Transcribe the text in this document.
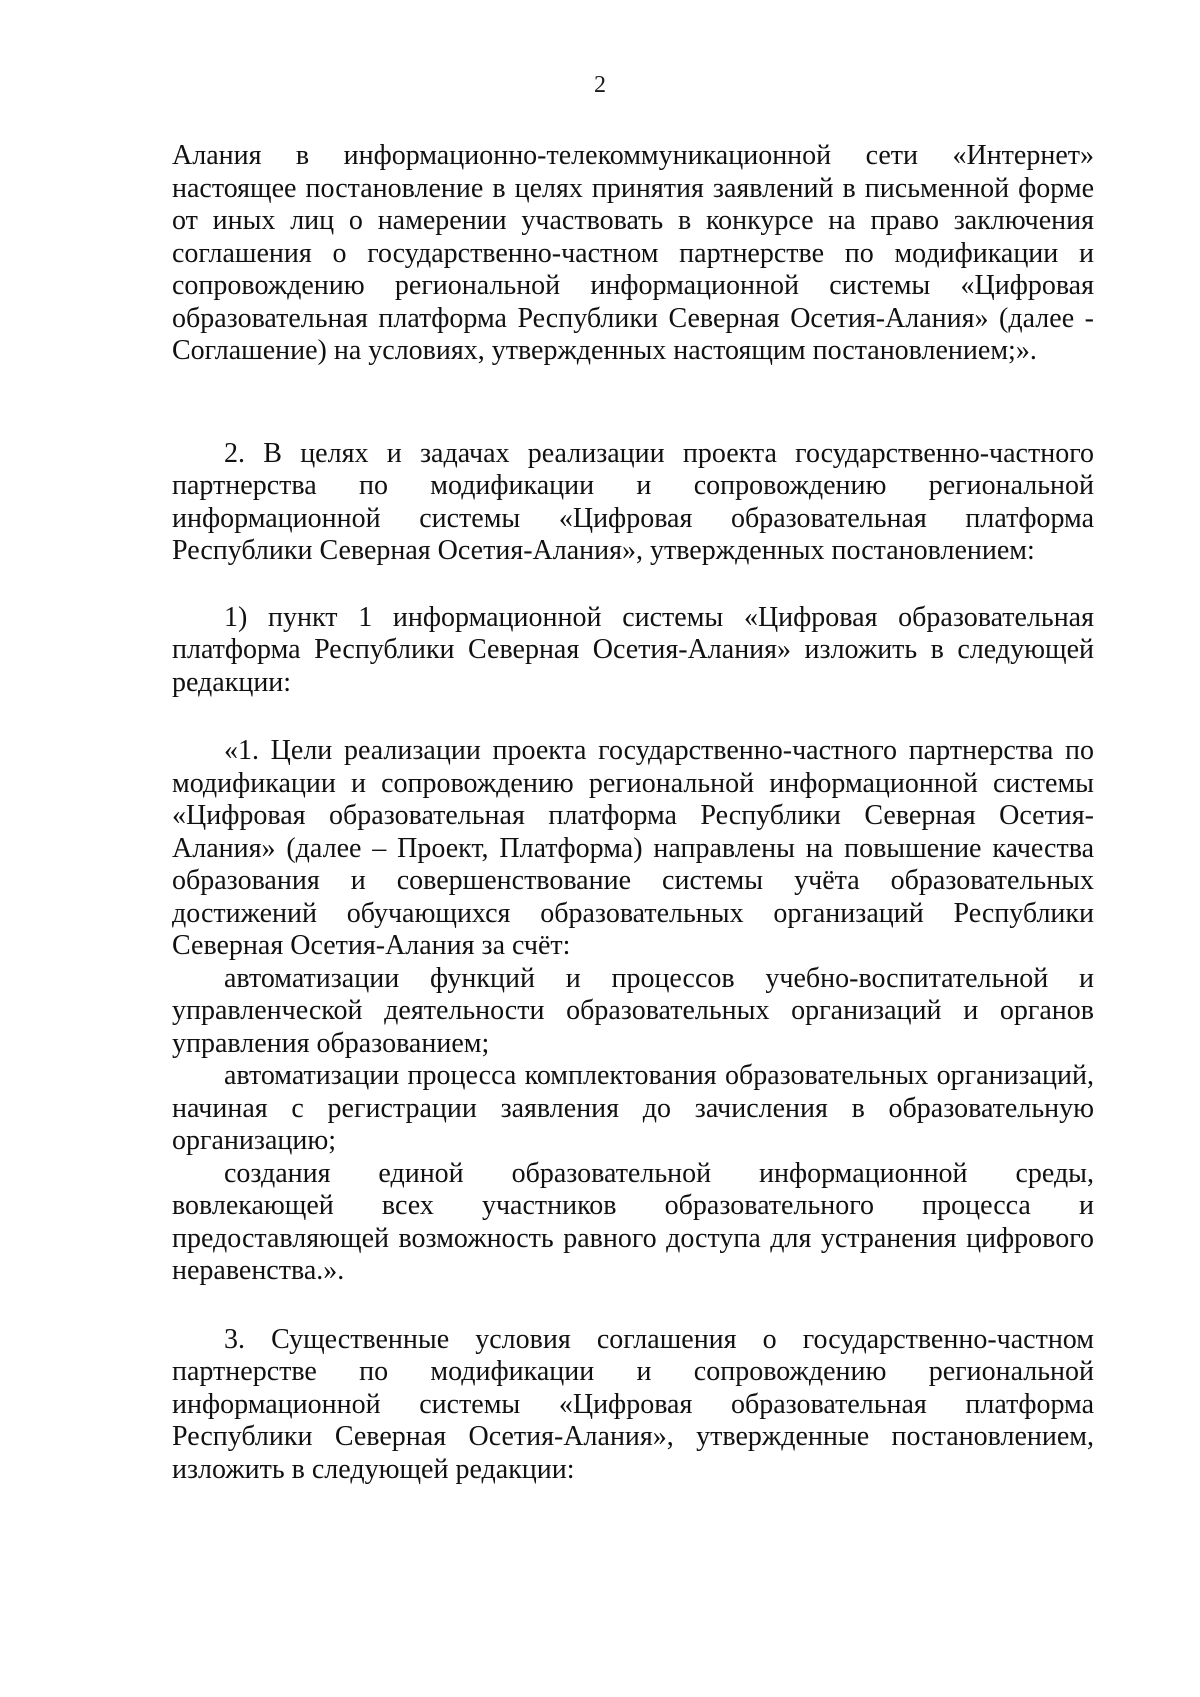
2

Алания в информационно-телекоммуникационной сети «Интернет» настоящее постановление в целях принятия заявлений в письменной форме от иных лиц о намерении участвовать в конкурсе на право заключения соглашения о государственно-частном партнерстве по модификации и сопровождению региональной информационной системы «Цифровая образовательная платформа Республики Северная Осетия-Алания» (далее - Соглашение) на условиях, утвержденных настоящим постановлением;».

2. В целях и задачах реализации проекта государственно-частного партнерства по модификации и сопровождению региональной информационной системы «Цифровая образовательная платформа Республики Северная Осетия-Алания», утвержденных постановлением:

1) пункт 1 информационной системы «Цифровая образовательная платформа Республики Северная Осетия-Алания» изложить в следующей редакции:

«1. Цели реализации проекта государственно-частного партнерства по модификации и сопровождению региональной информационной системы «Цифровая образовательная платформа Республики Северная Осетия-Алания» (далее – Проект, Платформа) направлены на повышение качества образования и совершенствование системы учёта образовательных достижений обучающихся образовательных организаций Республики Северная Осетия-Алания за счёт:

автоматизации функций и процессов учебно-воспитательной и управленческой деятельности образовательных организаций и органов управления образованием;

автоматизации процесса комплектования образовательных организаций, начиная с регистрации заявления до зачисления в образовательную организацию;

создания единой образовательной информационной среды, вовлекающей всех участников образовательного процесса и предоставляющей возможность равного доступа для устранения цифрового неравенства.».

3. Существенные условия соглашения о государственно-частном партнерстве по модификации и сопровождению региональной информационной системы «Цифровая образовательная платформа Республики Северная Осетия-Алания», утвержденные постановлением, изложить в следующей редакции:
